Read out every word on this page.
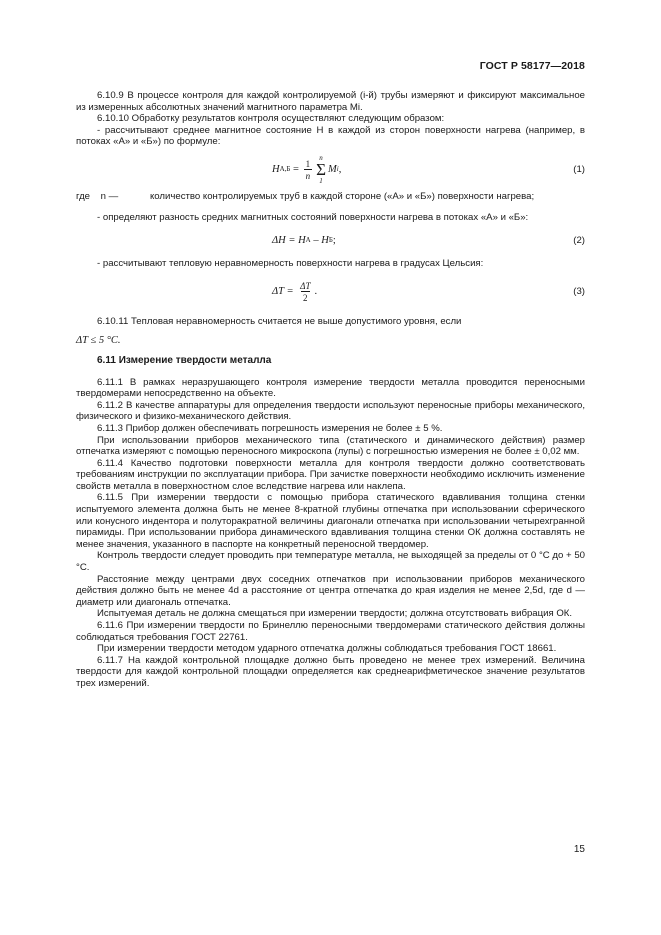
ГОСТ Р 58177—2018

6.10.9 В процессе контроля для каждой контролируемой (i-й) трубы измеряют и фиксируют максимальное из измеренных абсолютных значений магнитного параметра Mi.

6.10.10 Обработку результатов контроля осуществляют следующим образом:

- рассчитывают среднее магнитное состояние H в каждой из сторон поверхности нагрева (например, в потоках «А» и «Б») по формуле:

H $А,Б = \frac{1}{n}$
n
Σ
1
M i ,	(1)
где    n —	количество контролируемых труб в каждой стороне («А» и «Б») поверхности нагрева;

- определяют разность средних магнитных состояний поверхности нагрева в потоках «А» и «Б»:

ΔH = H А – H Б ;	(2)

- рассчитывают тепловую неравномерность поверхности нагрева в градусах Цельсия:

$\Delta T = \frac{\Delta T}{2}$ .	(3)

6.10.11 Тепловая неравномерность считается не выше допустимого уровня, если

ΔT ≤ 5 °С.

6.11 Измерение твердости металла

6.11.1 В рамках неразрушающего контроля измерение твердости металла проводится переносными твердомерами непосредственно на объекте.

6.11.2 В качестве аппаратуры для определения твердости используют переносные приборы механического, физического и физико-механического действия.

6.11.3 Прибор должен обеспечивать погрешность измерения не более ± 5 %.

При использовании приборов механического типа (статического и динамического действия) размер отпечатка измеряют с помощью переносного микроскопа (лупы) с погрешностью измерения не более ± 0,02 мм.

6.11.4 Качество подготовки поверхности металла для контроля твердости должно соответствовать требованиям инструкции по эксплуатации прибора. При зачистке поверхности необходимо исключить изменение свойств металла в поверхностном слое вследствие нагрева или наклепа.

6.11.5 При измерении твердости с помощью прибора статического вдавливания толщина стенки испытуемого элемента должна быть не менее 8-кратной глубины отпечатка при использовании сферического или конусного индентора и полуторакратной величины диагонали отпечатка при использовании четырехгранной пирамиды. При использовании прибора динамического вдавливания толщина стенки ОК должна составлять не менее значения, указанного в паспорте на конкретный переносной твердомер.

Контроль твердости следует проводить при температуре металла, не выходящей за пределы от 0 °С до + 50 °С.

Расстояние между центрами двух соседних отпечатков при использовании приборов механического действия должно быть не менее 4d а расстояние от центра отпечатка до края изделия не менее 2,5d, где d — диаметр или диагональ отпечатка.

Испытуемая деталь не должна смещаться при измерении твердости; должна отсутствовать вибрация ОК.

6.11.6 При измерении твердости по Бринеллю переносными твердомерами статического действия должны соблюдаться требования ГОСТ 22761.

При измерении твердости методом ударного отпечатка должны соблюдаться требования ГОСТ 18661.

6.11.7 На каждой контрольной площадке должно быть проведено не менее трех измерений. Величина твердости для каждой контрольной площадки определяется как среднеарифметическое значение результатов трех измерений.

15
